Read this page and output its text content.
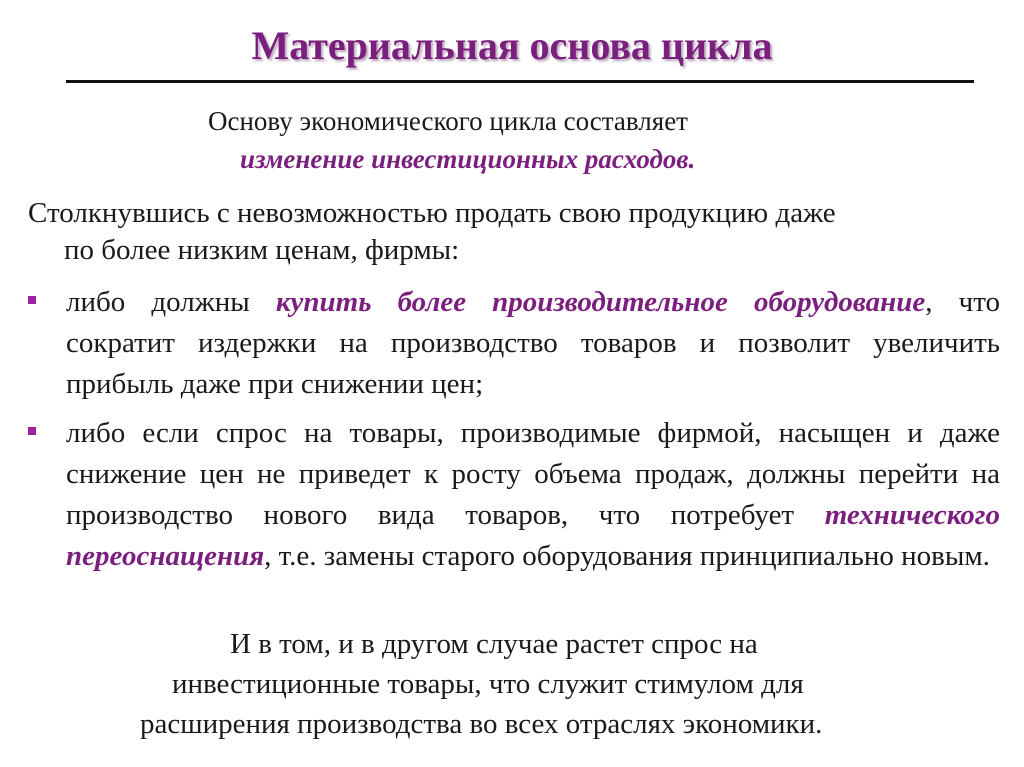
Материальная основа цикла
Основу экономического цикла составляет
изменение инвестиционных расходов.
Столкнувшись с невозможностью продать свою продукцию даже
по более низким ценам, фирмы:
либо должны купить более производительное оборудование, что сократит издержки на производство товаров и позволит увеличить прибыль даже при снижении цен;
либо если спрос на товары, производимые фирмой, насыщен и даже снижение цен не приведет к росту объема продаж, должны перейти на производство нового вида товаров, что потребует технического переоснащения, т.е. замены старого оборудования принципиально новым.
И в том, и в другом случае растет спрос на
инвестиционные товары, что служит стимулом для
расширения производства во всех отраслях экономики.
